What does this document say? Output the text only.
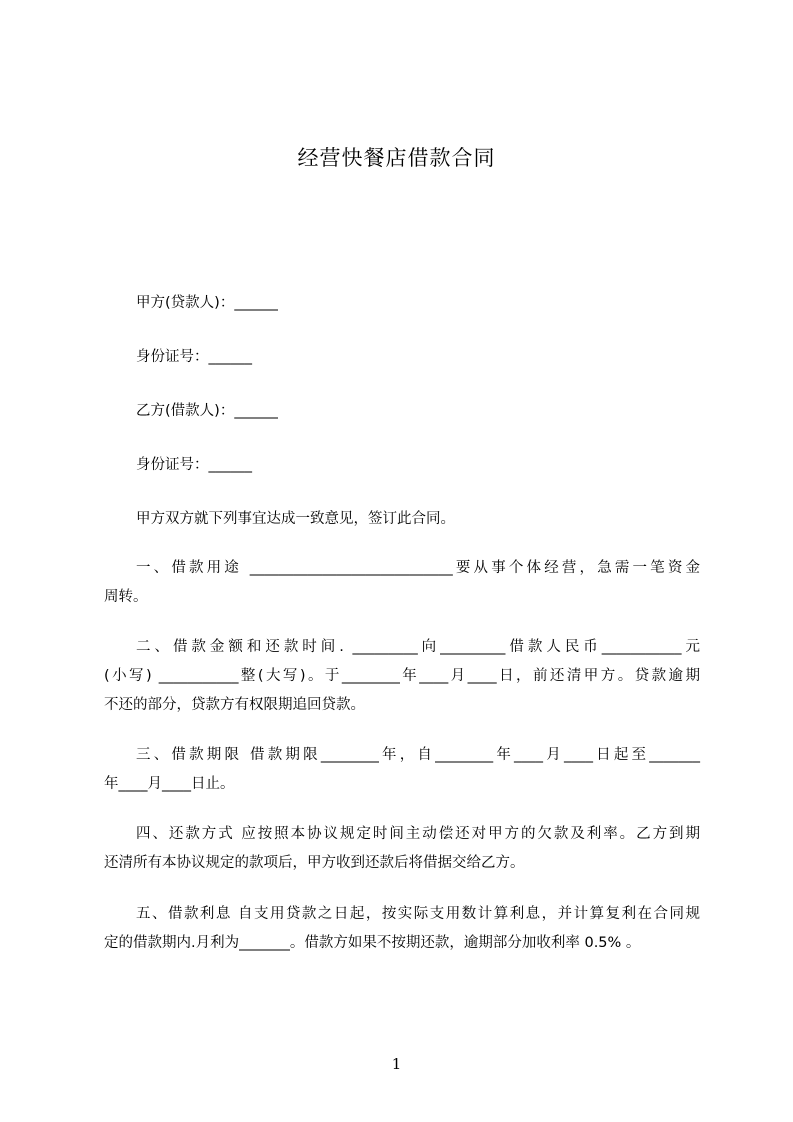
经营快餐店借款合同
甲方(贷款人)：______
身份证号：______
乙方(借款人)：______
身份证号：______
甲方双方就下列事宜达成一致意见，签订此合同。

一、借款用途 ____________________________要从事个体经营，急需一笔资金

周转。

二、借款金额和还款时间. _________向_________借款人民币___________元

(小写) ___________整(大写)。于________年____月____日，前还清甲方。贷款逾期

不还的部分，贷款方有权限期追回贷款。

三、借款期限 借款期限________年，自________年____月____日起至_______

年____月____日止。

四、还款方式 应按照本协议规定时间主动偿还对甲方的欠款及利率。乙方到期

还清所有本协议规定的款项后，甲方收到还款后将借据交给乙方。

五、借款利息 自支用贷款之日起，按实际支用数计算利息，并计算复利在合同规

定的借款期内.月利为_______。借款方如果不按期还款，逾期部分加收利率 0.5% 。

1
